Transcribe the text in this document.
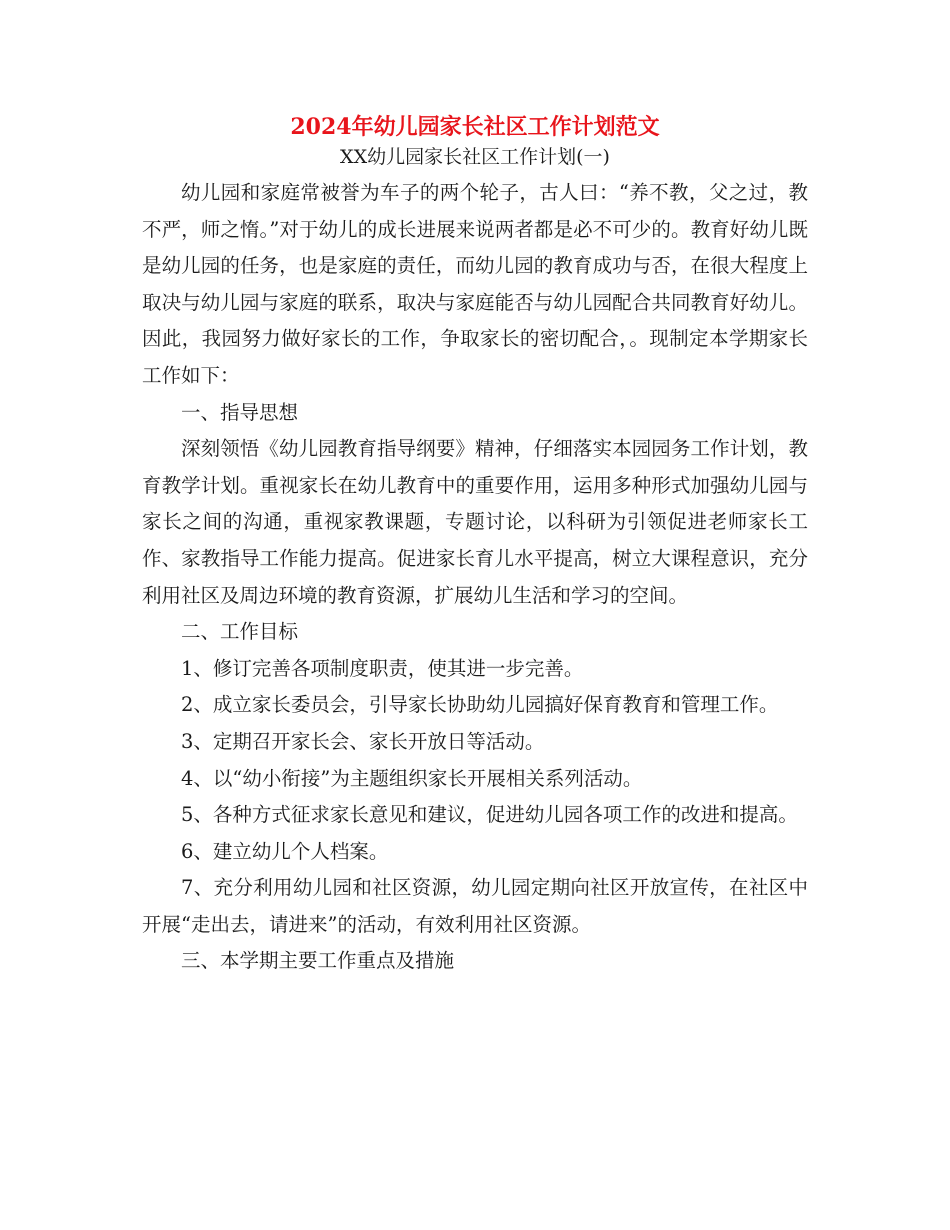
2024年幼儿园家长社区工作计划范文
XX幼儿园家长社区工作计划(一)

幼儿园和家庭常被誉为车子的两个轮子，古人曰：“养不教，父之过，教不严，师之惰。”对于幼儿的成长进展来说两者都是必不可少的。教育好幼儿既是幼儿园的任务，也是家庭的责任，而幼儿园的教育成功与否，在很大程度上取决与幼儿园与家庭的联系，取决与家庭能否与幼儿园配合共同教育好幼儿。因此，我园努力做好家长的工作，争取家长的密切配合，。现制定本学期家长工作如下：

一、指导思想

深刻领悟《幼儿园教育指导纲要》精神，仔细落实本园园务工作计划，教育教学计划。重视家长在幼儿教育中的重要作用，运用多种形式加强幼儿园与家长之间的沟通，重视家教课题，专题讨论，以科研为引领促进老师家长工作、家教指导工作能力提高。促进家长育儿水平提高，树立大课程意识，充分利用社区及周边环境的教育资源，扩展幼儿生活和学习的空间。

二、工作目标

1、修订完善各项制度职责，使其进一步完善。

2、成立家长委员会，引导家长协助幼儿园搞好保育教育和管理工作。

3、定期召开家长会、家长开放日等活动。

4、以“幼小衔接”为主题组织家长开展相关系列活动。

5、各种方式征求家长意见和建议，促进幼儿园各项工作的改进和提高。

6、建立幼儿个人档案。

7、充分利用幼儿园和社区资源，幼儿园定期向社区开放宣传，在社区中开展“走出去，请进来”的活动，有效利用社区资源。

三、本学期主要工作重点及措施
